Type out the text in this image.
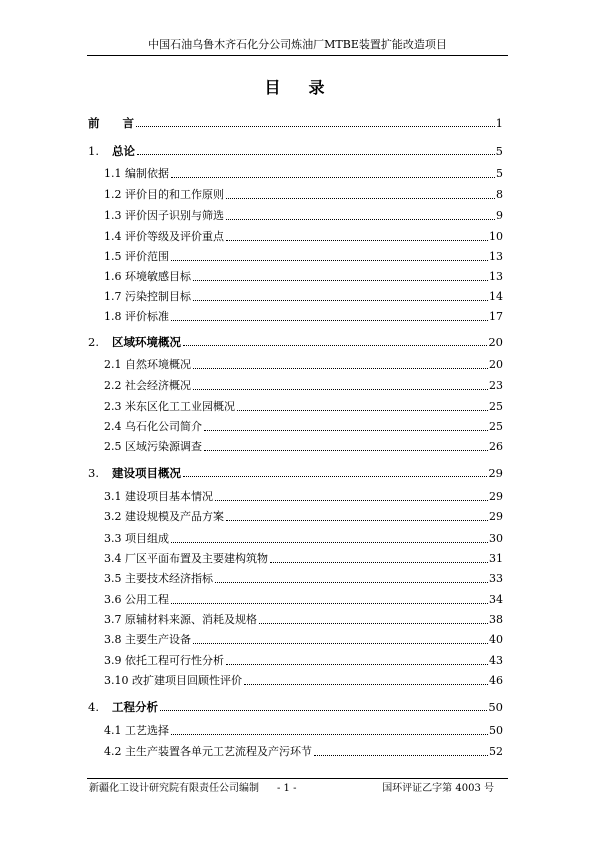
中国石油乌鲁木齐石化分公司炼油厂MTBE装置扩能改造项目
目　录
前　　言	1
1. 总论	5
1.1 编制依据	5
1.2 评价目的和工作原则	8
1.3 评价因子识别与筛选	9
1.4 评价等级及评价重点	10
1.5 评价范围	13
1.6 环境敏感目标	13
1.7 污染控制目标	14
1.8 评价标准	17
2. 区域环境概况	20
2.1 自然环境概况	20
2.2 社会经济概况	23
2.3 米东区化工工业园概况	25
2.4 乌石化公司简介	25
2.5 区域污染源调查	26
3. 建设项目概况	29
3.1 建设项目基本情况	29
3.2 建设规模及产品方案	29
3.3 项目组成	30
3.4 厂区平面布置及主要建构筑物	31
3.5 主要技术经济指标	33
3.6 公用工程	34
3.7 原辅材料来源、消耗及规格	38
3.8 主要生产设备	40
3.9 依托工程可行性分析	43
3.10 改扩建项目回顾性评价	46
4. 工程分析	50
4.1 工艺选择	50
4.2 主生产装置各单元工艺流程及产污环节	52
新疆化工设计研究院有限责任公司编制 - 1 -	国环评证乙字第 4003 号
